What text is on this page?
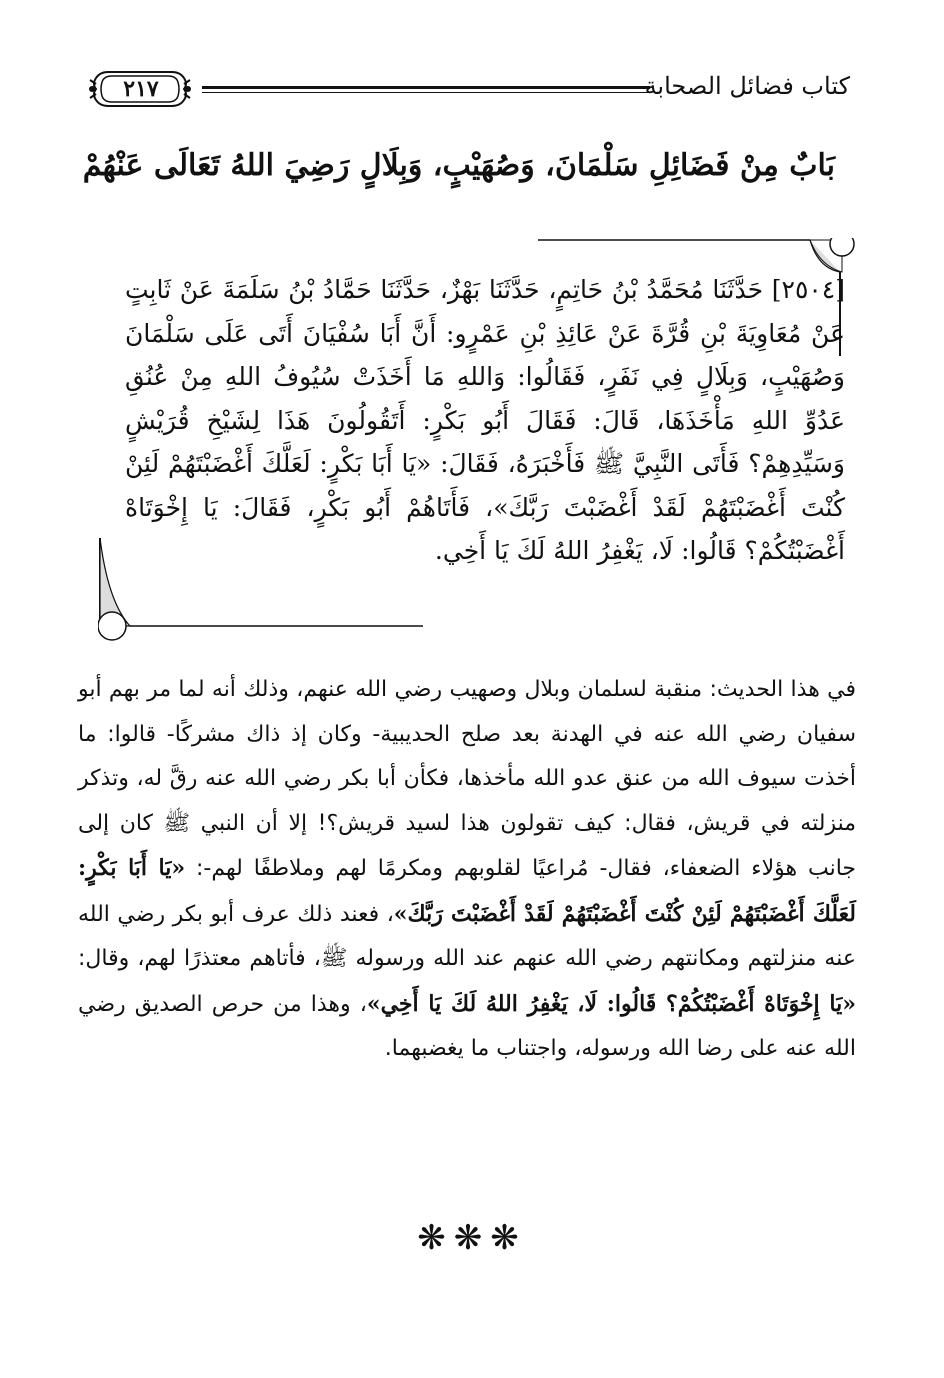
٢١٧	كتاب فضائل الصحابة
بَابٌ مِنْ فَضَائِلِ سَلْمَانَ، وَصُهَيْبٍ، وَبِلَالٍ رَضِيَ اللهُ تَعَالَى عَنْهُمْ

[٢٥٠٤] حَدَّثَنَا مُحَمَّدُ بْنُ حَاتِمٍ، حَدَّثَنَا بَهْزٌ، حَدَّثَنَا حَمَّادُ بْنُ سَلَمَةَ عَنْ ثَابِتٍ عَنْ مُعَاوِيَةَ بْنِ قُرَّةَ عَنْ عَائِذِ بْنِ عَمْرٍو: أَنَّ أَبَا سُفْيَانَ أَتَى عَلَى سَلْمَانَ وَصُهَيْبٍ، وَبِلَالٍ فِي نَفَرٍ، فَقَالُوا: وَاللهِ مَا أَخَذَتْ سُيُوفُ اللهِ مِنْ عُنُقِ عَدُوِّ اللهِ مَأْخَذَهَا، قَالَ: فَقَالَ أَبُو بَكْرٍ: أَتَقُولُونَ هَذَا لِشَيْخِ قُرَيْشٍ وَسَيِّدِهِمْ؟ فَأَتَى النَّبِيَّ ﷺ فَأَخْبَرَهُ، فَقَالَ: «يَا أَبَا بَكْرٍ: لَعَلَّكَ أَغْضَبْتَهُمْ لَئِنْ كُنْتَ أَغْضَبْتَهُمْ لَقَدْ أَغْضَبْتَ رَبَّكَ»، فَأَتَاهُمْ أَبُو بَكْرٍ، فَقَالَ: يَا إِخْوَتَاهْ أَغْضَبْتُكُمْ؟ قَالُوا: لَا، يَغْفِرُ اللهُ لَكَ يَا أَخِي.

في هذا الحديث: منقبة لسلمان وبلال وصهيب رضي الله عنهم، وذلك أنه لما مر بهم أبو سفيان رضي الله عنه في الهدنة بعد صلح الحديبية- وكان إذ ذاك مشركًا- قالوا: ما أخذت سيوف الله من عنق عدو الله مأخذها، فكأن أبا بكر رضي الله عنه رقَّ له، وتذكر منزلته في قريش، فقال: كيف تقولون هذا لسيد قريش؟! إلا أن النبي ﷺ كان إلى جانب هؤلاء الضعفاء، فقال- مُراعيًا لقلوبهم ومكرمًا لهم وملاطفًا لهم-: «يَا أَبَا بَكْرٍ: لَعَلَّكَ أَغْضَبْتَهُمْ لَئِنْ كُنْتَ أَغْضَبْتَهُمْ لَقَدْ أَغْضَبْتَ رَبَّكَ»، فعند ذلك عرف أبو بكر رضي الله عنه منزلتهم ومكانتهم رضي الله عنهم عند الله ورسوله ﷺ، فأتاهم معتذرًا لهم، وقال: «يَا إِخْوَتَاهْ أَغْضَبْتُكُمْ؟ قَالُوا: لَا، يَغْفِرُ اللهُ لَكَ يَا أَخِي»، وهذا من حرص الصديق رضي الله عنه على رضا الله ورسوله، واجتناب ما يغضبهما.

❋❋❋
